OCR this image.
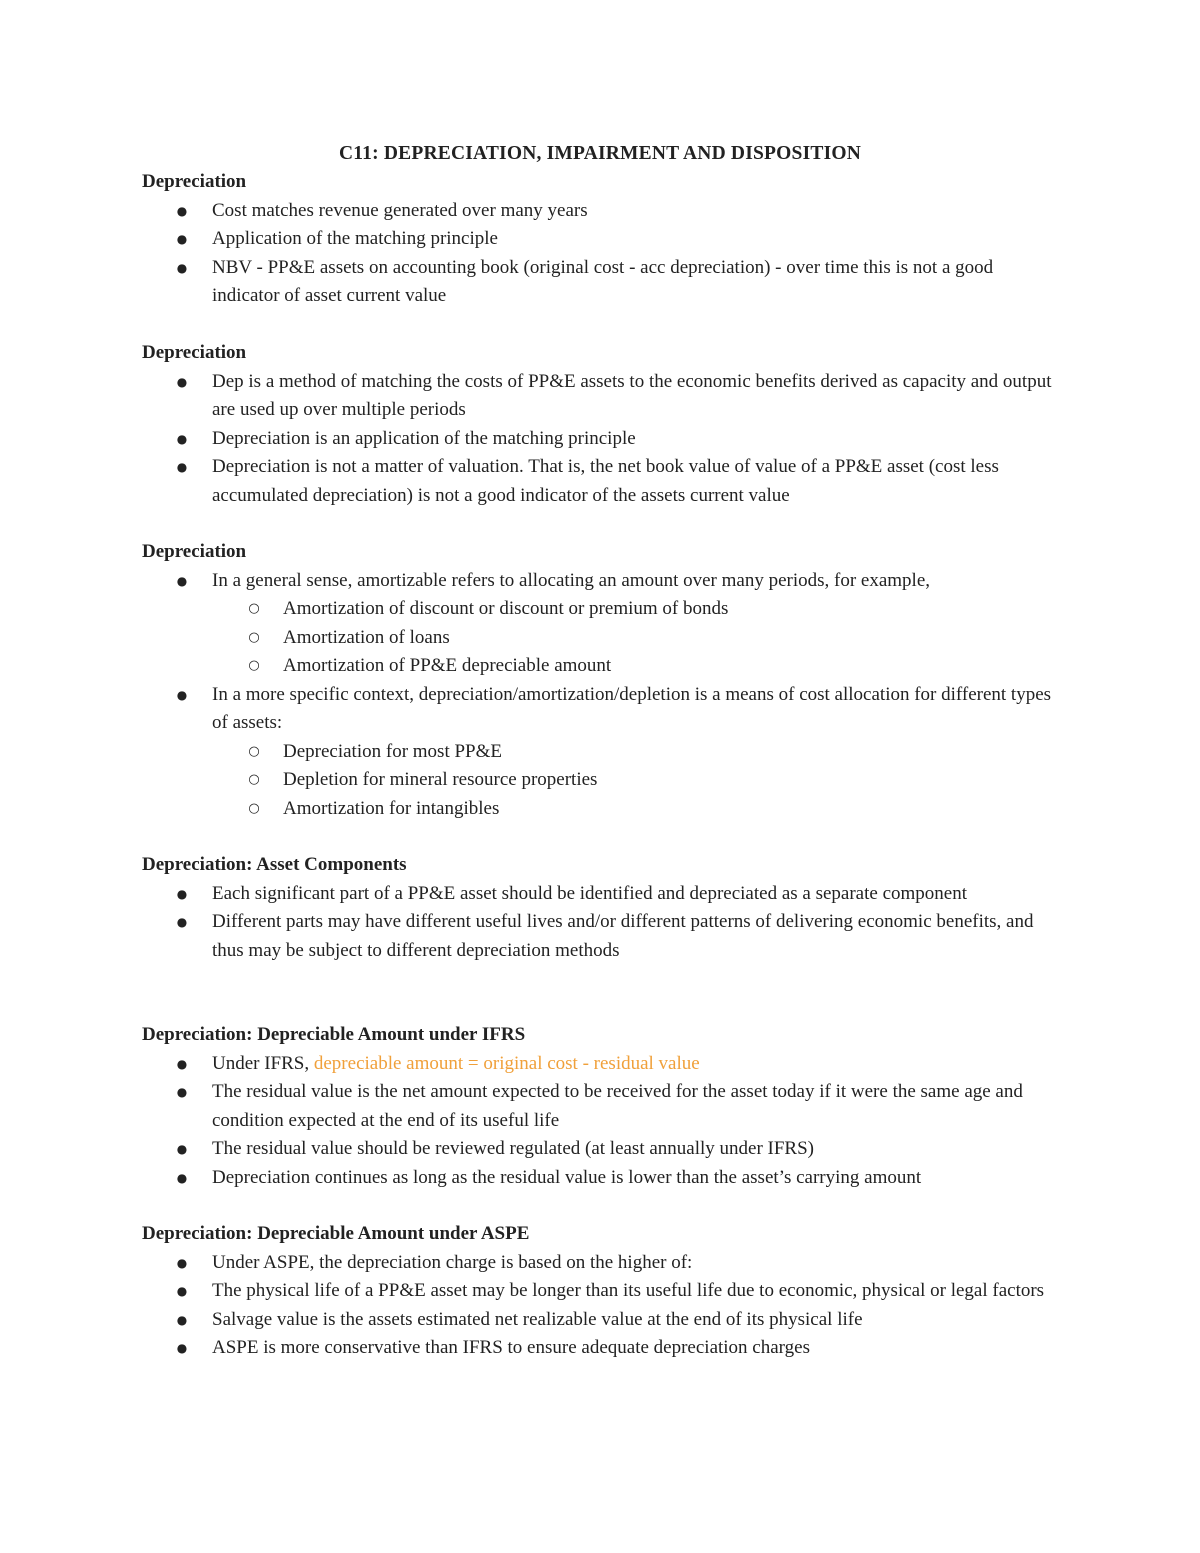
C11: DEPRECIATION, IMPAIRMENT AND DISPOSITION
Depreciation
● Cost matches revenue generated over many years
● Application of the matching principle
● NBV - PP&E assets on accounting book (original cost - acc depreciation) - over time this is not a good indicator of asset current value
Depreciation
● Dep is a method of matching the costs of PP&E assets to the economic benefits derived as capacity and output are used up over multiple periods
● Depreciation is an application of the matching principle
● Depreciation is not a matter of valuation. That is, the net book value of value of a PP&E asset (cost less accumulated depreciation) is not a good indicator of the assets current value
Depreciation
● In a general sense, amortizable refers to allocating an amount over many periods, for example,
○ Amortization of discount or discount or premium of bonds
○ Amortization of loans
○ Amortization of PP&E depreciable amount
● In a more specific context, depreciation/amortization/depletion is a means of cost allocation for different types of assets:
○ Depreciation for most PP&E
○ Depletion for mineral resource properties
○ Amortization for intangibles
Depreciation: Asset Components
● Each significant part of a PP&E asset should be identified and depreciated as a separate component
● Different parts may have different useful lives and/or different patterns of delivering economic benefits, and thus may be subject to different depreciation methods
Depreciation: Depreciable Amount under IFRS
● Under IFRS, depreciable amount = original cost - residual value
● The residual value is the net amount expected to be received for the asset today if it were the same age and condition expected at the end of its useful life
● The residual value should be reviewed regulated (at least annually under IFRS)
● Depreciation continues as long as the residual value is lower than the asset’s carrying amount
Depreciation: Depreciable Amount under ASPE
● Under ASPE, the depreciation charge is based on the higher of:
● The physical life of a PP&E asset may be longer than its useful life due to economic, physical or legal factors
● Salvage value is the assets estimated net realizable value at the end of its physical life
● ASPE is more conservative than IFRS to ensure adequate depreciation charges
